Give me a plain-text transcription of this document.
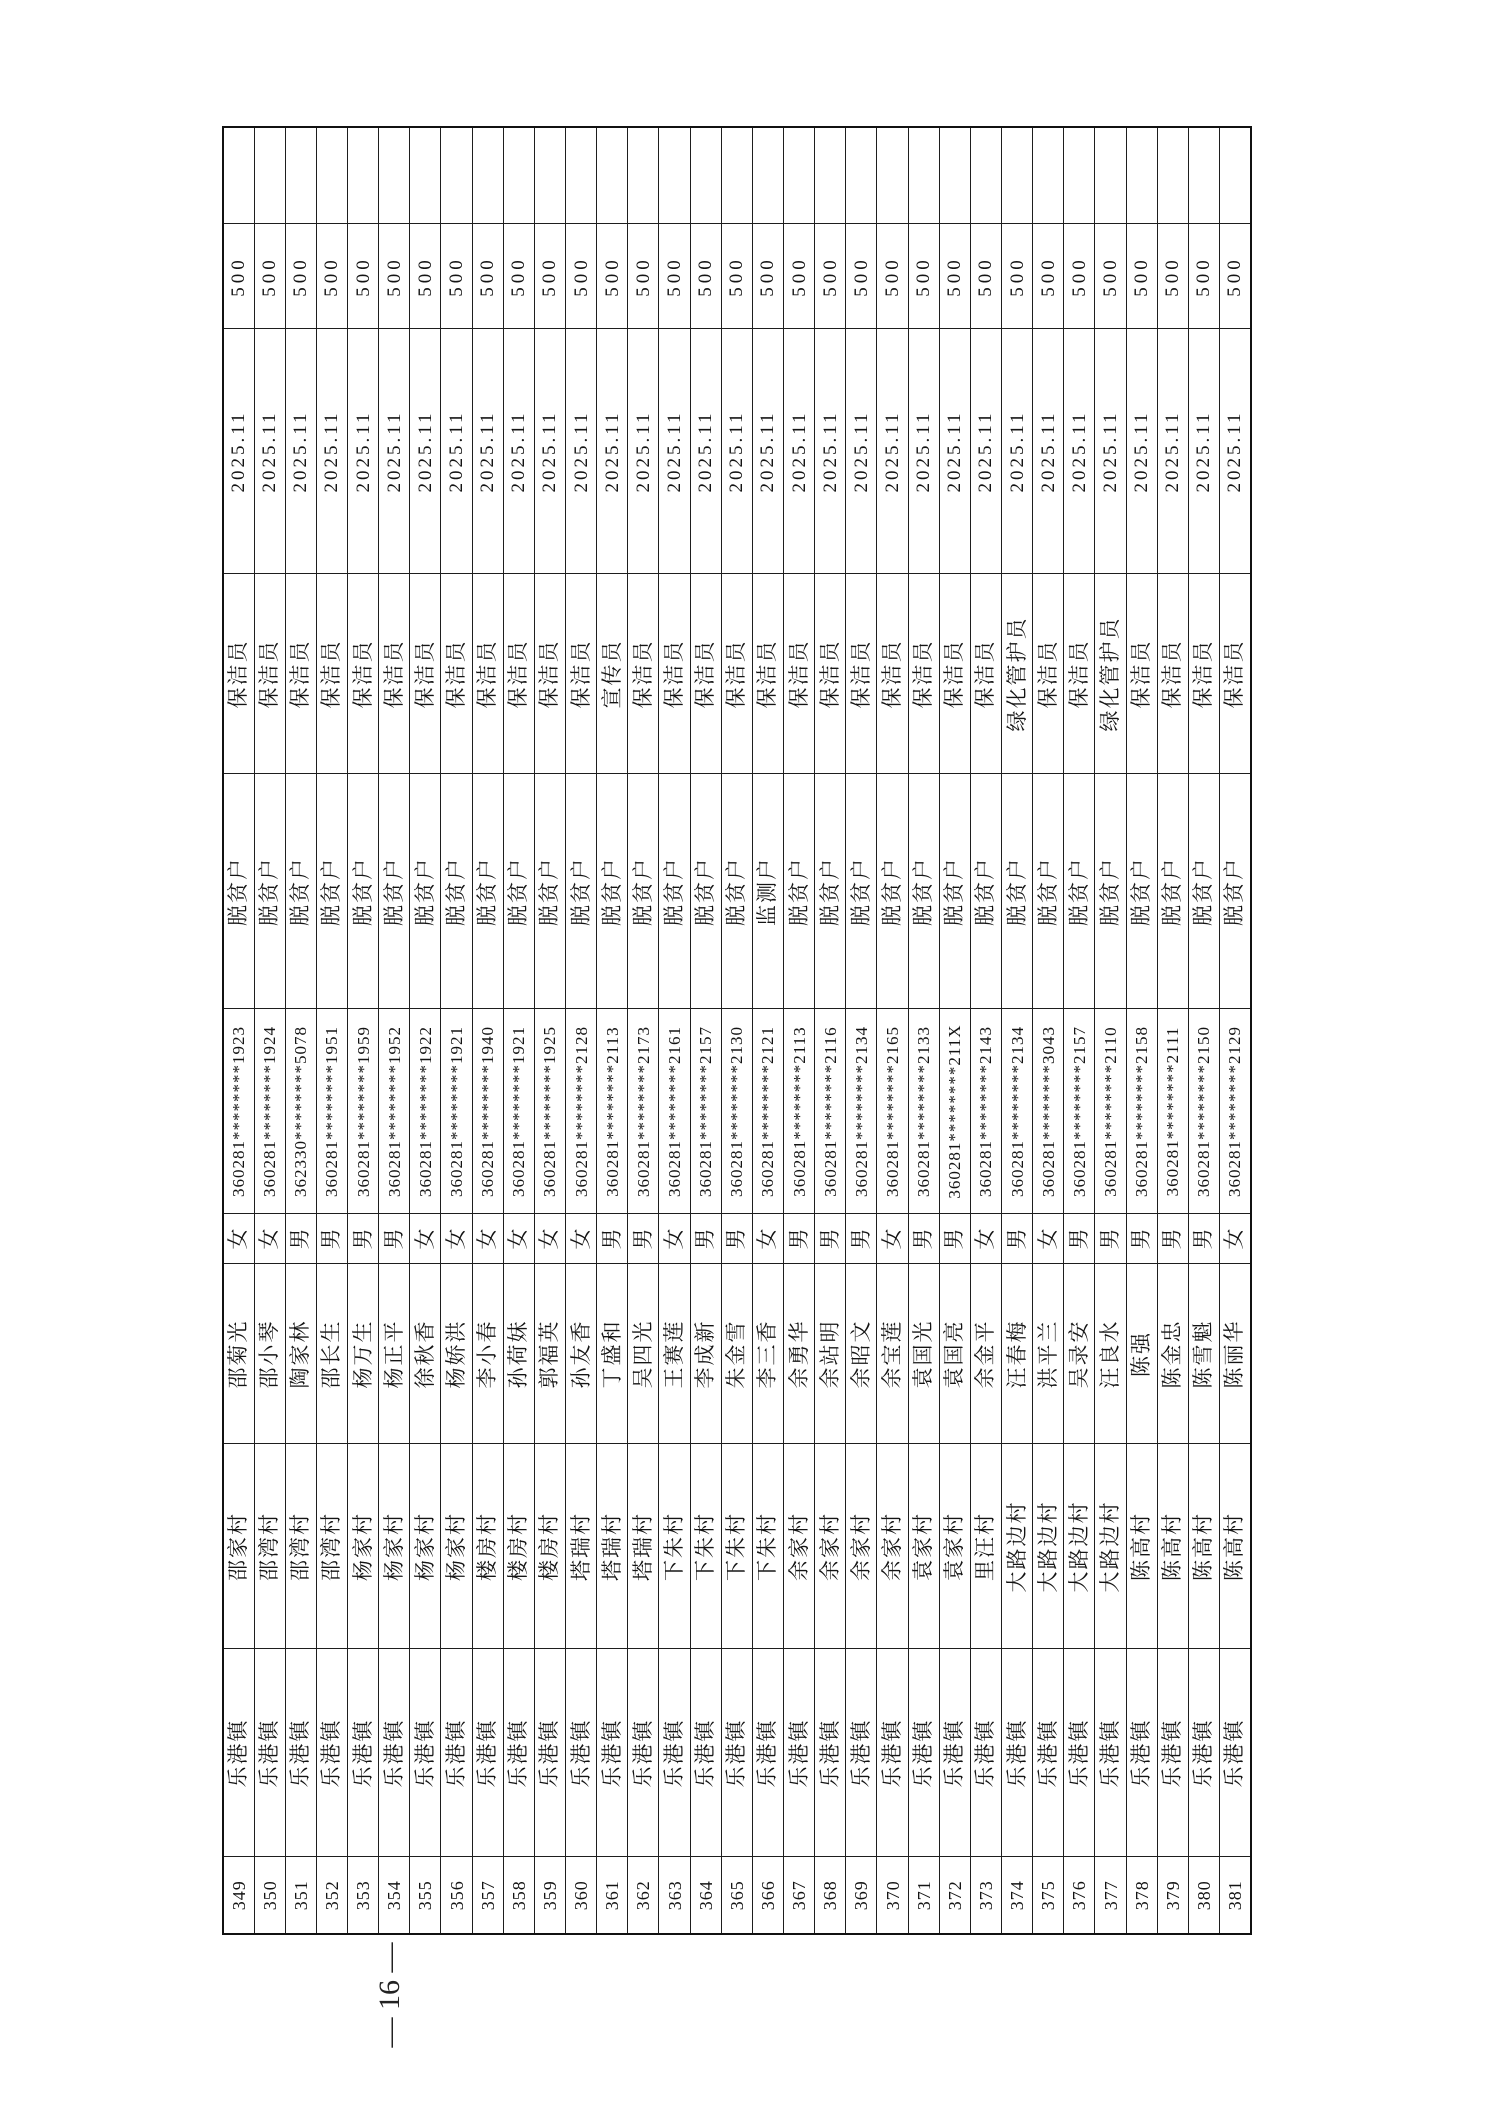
349	乐港镇	邵家村	邵菊光	女	360281********1923	脱贫户	保洁员	2025.11	500	
350	乐港镇	邵湾村	邵小琴	女	360281********1924	脱贫户	保洁员	2025.11	500	
351	乐港镇	邵湾村	陶家林	男	362330********5078	脱贫户	保洁员	2025.11	500	
352	乐港镇	邵湾村	邵长生	男	360281********1951	脱贫户	保洁员	2025.11	500	
353	乐港镇	杨家村	杨万生	男	360281********1959	脱贫户	保洁员	2025.11	500	
354	乐港镇	杨家村	杨正平	男	360281********1952	脱贫户	保洁员	2025.11	500	
355	乐港镇	杨家村	徐秋香	女	360281********1922	脱贫户	保洁员	2025.11	500	
356	乐港镇	杨家村	杨娇洪	女	360281********1921	脱贫户	保洁员	2025.11	500	
357	乐港镇	楼房村	李小春	女	360281********1940	脱贫户	保洁员	2025.11	500	
358	乐港镇	楼房村	孙荷妹	女	360281********1921	脱贫户	保洁员	2025.11	500	
359	乐港镇	楼房村	郭福英	女	360281********1925	脱贫户	保洁员	2025.11	500	
360	乐港镇	塔瑞村	孙友香	女	360281********2128	脱贫户	保洁员	2025.11	500	
361	乐港镇	塔瑞村	丁盛和	男	360281********2113	脱贫户	宣传员	2025.11	500	
362	乐港镇	塔瑞村	吴四光	男	360281********2173	脱贫户	保洁员	2025.11	500	
363	乐港镇	下朱村	王赛莲	女	360281********2161	脱贫户	保洁员	2025.11	500	
364	乐港镇	下朱村	李成新	男	360281********2157	脱贫户	保洁员	2025.11	500	
365	乐港镇	下朱村	朱金雪	男	360281********2130	脱贫户	保洁员	2025.11	500	
366	乐港镇	下朱村	李三香	女	360281********2121	监测户	保洁员	2025.11	500	
367	乐港镇	余家村	余勇华	男	360281********2113	脱贫户	保洁员	2025.11	500	
368	乐港镇	余家村	余站明	男	360281********2116	脱贫户	保洁员	2025.11	500	
369	乐港镇	余家村	余昭文	男	360281********2134	脱贫户	保洁员	2025.11	500	
370	乐港镇	余家村	余宝莲	女	360281********2165	脱贫户	保洁员	2025.11	500	
371	乐港镇	袁家村	袁国光	男	360281********2133	脱贫户	保洁员	2025.11	500	
372	乐港镇	袁家村	袁国亮	男	360281********211X	脱贫户	保洁员	2025.11	500	
373	乐港镇	里汪村	余金平	女	360281********2143	脱贫户	保洁员	2025.11	500	
374	乐港镇	大路边村	汪春梅	男	360281********2134	脱贫户	绿化管护员	2025.11	500	
375	乐港镇	大路边村	洪平兰	女	360281********3043	脱贫户	保洁员	2025.11	500	
376	乐港镇	大路边村	吴录安	男	360281********2157	脱贫户	保洁员	2025.11	500	
377	乐港镇	大路边村	汪良水	男	360281********2110	脱贫户	绿化管护员	2025.11	500	
378	乐港镇	陈高村	陈强	男	360281********2158	脱贫户	保洁员	2025.11	500	
379	乐港镇	陈高村	陈金忠	男	360281********2111	脱贫户	保洁员	2025.11	500	
380	乐港镇	陈高村	陈雪魁	男	360281********2150	脱贫户	保洁员	2025.11	500	
381	乐港镇	陈高村	陈丽华	女	360281********2129	脱贫户	保洁员	2025.11	500	
— 16 —
